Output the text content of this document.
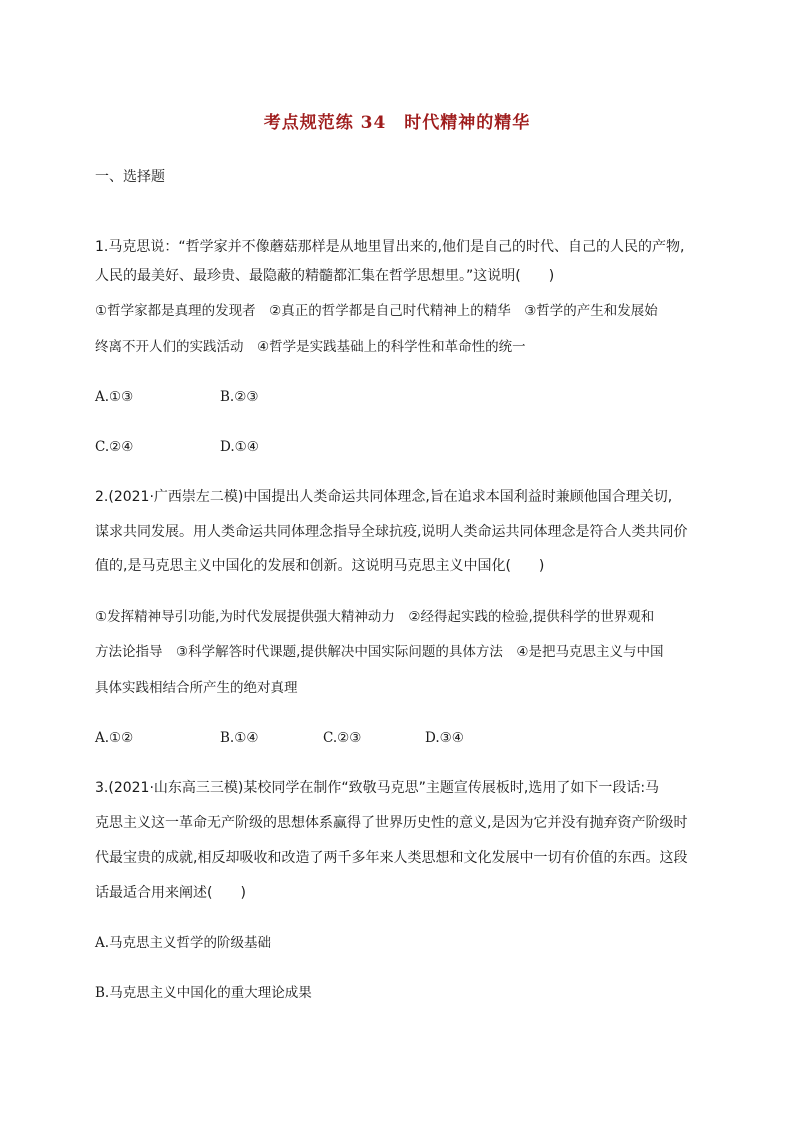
考点规范练 34　时代精神的精华
一、选择题
1.马克思说：“哲学家并不像蘑菇那样是从地里冒出来的,他们是自己的时代、自己的人民的产物,
人民的最美好、最珍贵、最隐蔽的精髓都汇集在哲学思想里。”这说明(　　)
①哲学家都是真理的发现者　②真正的哲学都是自己时代精神上的精华　③哲学的产生和发展始
终离不开人们的实践活动　④哲学是实践基础上的科学性和革命性的统一
A.①③	B.②③
C.②④	D.①④
2.(2021·广西崇左二模)中国提出人类命运共同体理念,旨在追求本国利益时兼顾他国合理关切,
谋求共同发展。用人类命运共同体理念指导全球抗疫,说明人类命运共同体理念是符合人类共同价
值的,是马克思主义中国化的发展和创新。这说明马克思主义中国化(　　)
①发挥精神导引功能,为时代发展提供强大精神动力　②经得起实践的检验,提供科学的世界观和
方法论指导　③科学解答时代课题,提供解决中国实际问题的具体方法　④是把马克思主义与中国
具体实践相结合所产生的绝对真理
A.①②	B.①④	C.②③	D.③④
3.(2021·山东高三三模)某校同学在制作“致敬马克思”主题宣传展板时,选用了如下一段话:马
克思主义这一革命无产阶级的思想体系赢得了世界历史性的意义,是因为它并没有抛弃资产阶级时
代最宝贵的成就,相反却吸收和改造了两千多年来人类思想和文化发展中一切有价值的东西。这段
话最适合用来阐述(　　)
A.马克思主义哲学的阶级基础
B.马克思主义中国化的重大理论成果
